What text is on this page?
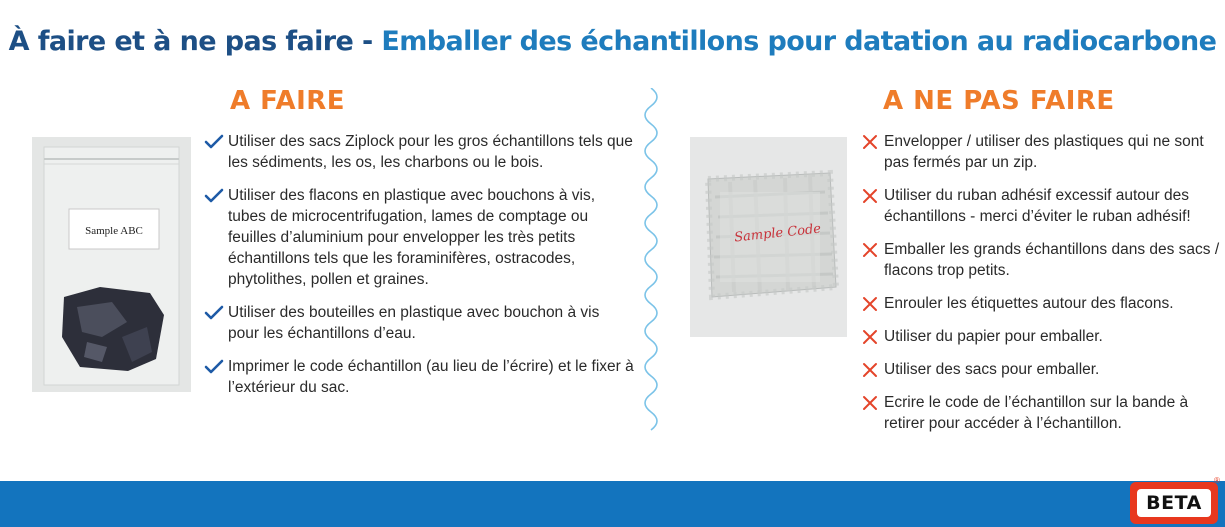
À faire et à ne pas faire - Emballer des échantillons pour datation au radiocarbone
A FAIRE
Sample ABC
Utiliser des sacs Ziplock pour les gros échantillons tels que les sédiments, les os, les charbons ou le bois.
Utiliser des flacons en plastique avec bouchons à vis, tubes de microcentrifugation, lames de comptage ou feuilles d’aluminium pour envelopper les très petits échantillons tels que les foraminifères, ostracodes, phytolithes, pollen et graines.
Utiliser des bouteilles en plastique avec bouchon à vis pour les échantillons d’eau.
Imprimer le code échantillon (au lieu de l’écrire) et le fixer à l’extérieur du sac.
A NE PAS FAIRE
Sample Code
Envelopper / utiliser des plastiques qui ne sont pas fermés par un zip.
Utiliser du ruban adhésif excessif autour des échantillons - merci d’éviter le ruban adhésif!
Emballer les grands échantillons dans des sacs / flacons trop petits.
Enrouler les étiquettes autour des flacons.
Utiliser du papier pour emballer.
Utiliser des sacs pour emballer.
Ecrire le code de l’échantillon sur la bande à retirer pour accéder à l’échantillon.
BETA
®
